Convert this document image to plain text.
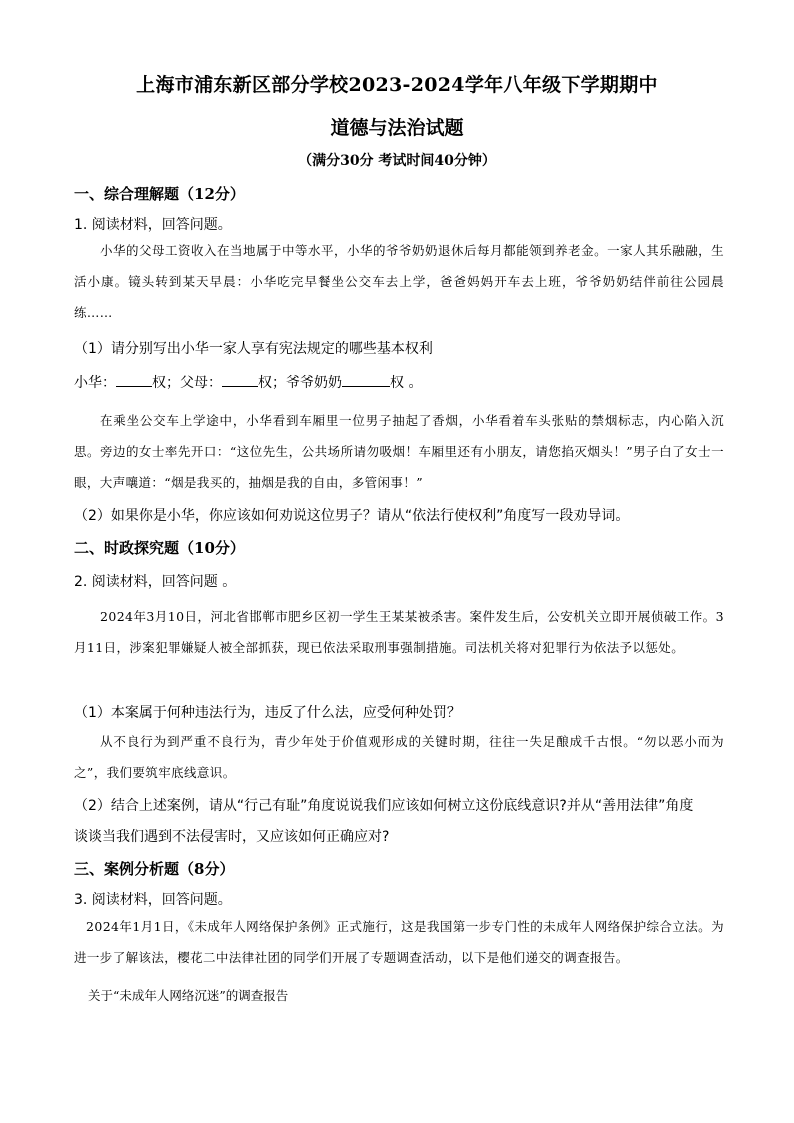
上海市浦东新区部分学校2023-2024学年八年级下学期期中
道德与法治试题
（满分30分 考试时间40分钟）
一、综合理解题（12分）
1. 阅读材料，回答问题。
小华的父母工资收入在当地属于中等水平，小华的爷爷奶奶退休后每月都能领到养老金。一家人其乐融融，生活小康。镜头转到某天早晨：小华吃完早餐坐公交车去上学，爸爸妈妈开车去上班，爷爷奶奶结伴前往公园晨练……
（1）请分别写出小华一家人享有宪法规定的哪些基本权利
小华：	权；父母：	权；爷爷奶奶	权 。
在乘坐公交车上学途中，小华看到车厢里一位男子抽起了香烟，小华看着车头张贴的禁烟标志，内心陷入沉思。旁边的女士率先开口：“这位先生，公共场所请勿吸烟！车厢里还有小朋友，请您掐灭烟头！”男子白了女士一眼，大声嚷道：“烟是我买的，抽烟是我的自由，多管闲事！”
（2）如果你是小华，你应该如何劝说这位男子？请从“依法行使权利”角度写一段劝导词。
二、时政探究题（10分）
2. 阅读材料，回答问题 。
2024年3月10日，河北省邯郸市肥乡区初一学生王某某被杀害。案件发生后，公安机关立即开展侦破工作。3月11日，涉案犯罪嫌疑人被全部抓获，现已依法采取刑事强制措施。司法机关将对犯罪行为依法予以惩处。
（1）本案属于何种违法行为，违反了什么法，应受何种处罚？
从不良行为到严重不良行为，青少年处于价值观形成的关键时期，往往一失足酿成千古恨。“勿以恶小而为之”，我们要筑牢底线意识。
（2）结合上述案例，请从“行己有耻”角度说说我们应该如何树立这份底线意识?并从“善用法律”角度
谈谈当我们遇到不法侵害时，又应该如何正确应对?
三、案例分析题（8分）
3. 阅读材料，回答问题。
2024年1月1日，《未成年人网络保护条例》正式施行，这是我国第一步专门性的未成年人网络保护综合立法。为进一步了解该法，樱花二中法律社团的同学们开展了专题调查活动，以下是他们递交的调查报告。
关于“未成年人网络沉迷”的调查报告
